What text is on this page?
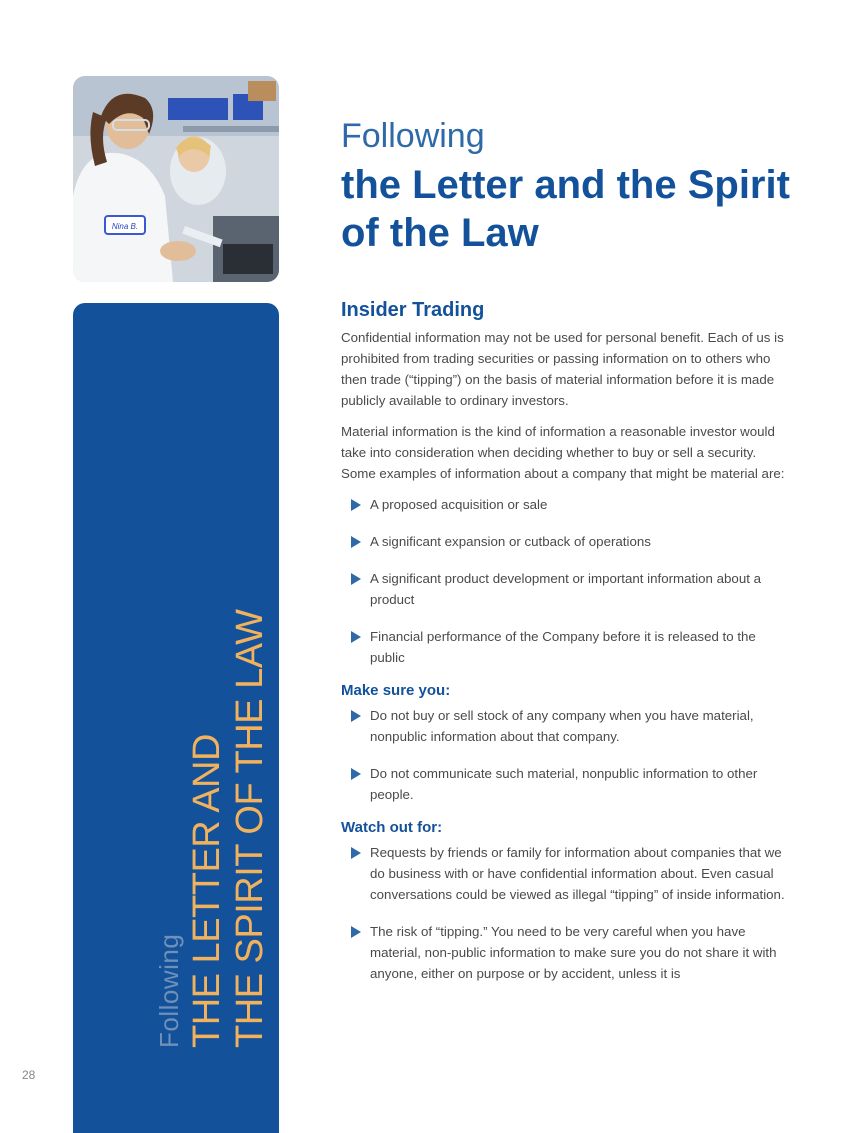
Nina B.
Following THE LETTER AND THE SPIRIT OF THE LAW
28
Following
the Letter and the Spirit of the Law
Insider Trading

Confidential information may not be used for personal benefit. Each of us is prohibited from trading securities or passing information on to others who then trade (“tipping”) on the basis of material information before it is made publicly available to ordinary investors.

Material information is the kind of information a reasonable investor would take into consideration when deciding whether to buy or sell a security. Some examples of information about a company that might be material are:

A proposed acquisition or sale
A significant expansion or cutback of operations
A significant product development or important information about a product
Financial performance of the Company before it is released to the public
Make sure you:
Do not buy or sell stock of any company when you have material, nonpublic information about that company.
Do not communicate such material, nonpublic information to other people.
Watch out for:
Requests by friends or family for information about companies that we do business with or have confidential information about. Even casual conversations could be viewed as illegal “tipping” of inside information.
The risk of “tipping.” You need to be very careful when you have material, non-public information to make sure you do not share it with anyone, either on purpose or by accident, unless it is
